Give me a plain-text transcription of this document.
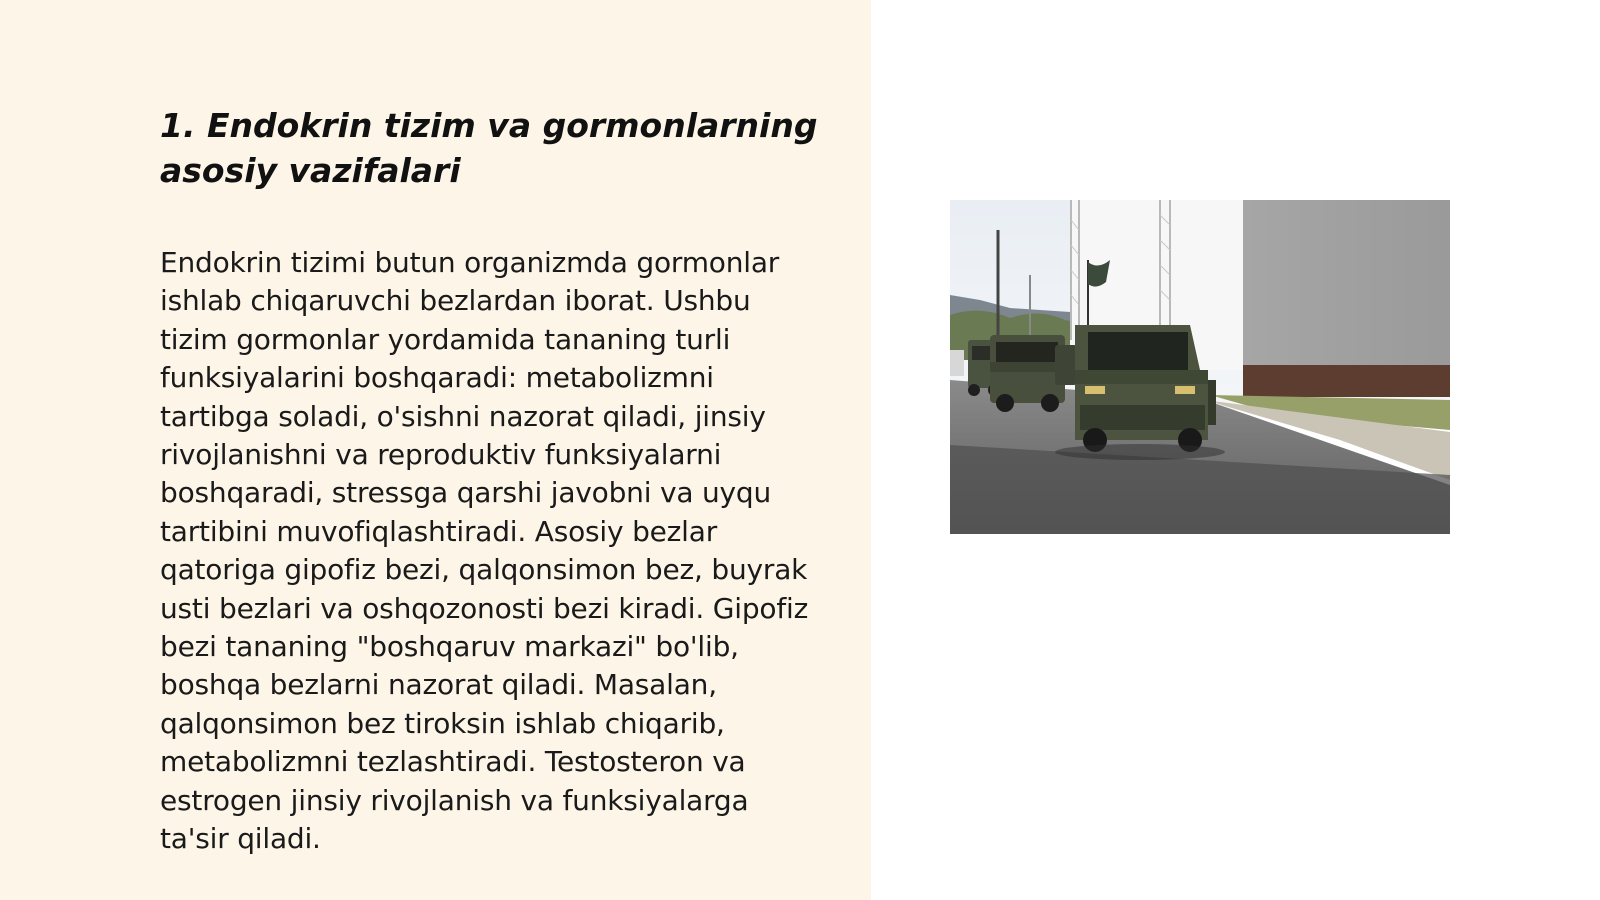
1. Endokrin tizim va gormonlarning asosiy vazifalari

Endokrin tizimi butun organizmda gormonlar ishlab chiqaruvchi bezlardan iborat. Ushbu tizim gormonlar yordamida tananing turli funksiyalarini boshqaradi: metabolizmni tartibga soladi, o'sishni nazorat qiladi, jinsiy rivojlanishni va reproduktiv funksiyalarni boshqaradi, stressga qarshi javobni va uyqu tartibini muvofiqlashtiradi. Asosiy bezlar qatoriga gipofiz bezi, qalqonsimon bez, buyrak usti bezlari va oshqozonosti bezi kiradi. Gipofiz bezi tananing "boshqaruv markazi" bo'lib, boshqa bezlarni nazorat qiladi. Masalan, qalqonsimon bez tiroksin ishlab chiqarib, metabolizmni tezlashtiradi. Testosteron va estrogen jinsiy rivojlanish va funksiyalarga ta'sir qiladi.
